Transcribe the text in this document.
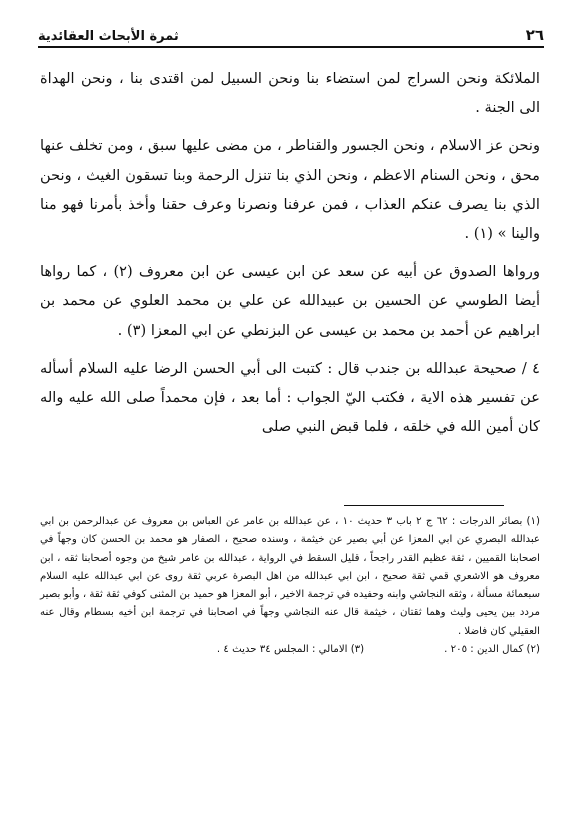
٢٦
ثمرة الأبحاث العقائدية

الملائكة ونحن السراج لمن استضاء بنا ونحن السبيل لمن اقتدى بنا ، ونحن الهداة الى الجنة .

ونحن عز الاسلام ، ونحن الجسور والقناطر ، من مضى عليها سبق ، ومن تخلف عنها محق ، ونحن السنام الاعظم ، ونحن الذي بنا تنزل الرحمة وبنا تسقون الغيث ، ونحن الذي بنا يصرف عنكم العذاب ، فمن عرفنا ونصرنا وعرف حقنا وأخذ بأمرنا فهو منا والينا » (١) .

ورواها الصدوق عن أبيه عن سعد عن ابن عيسى عن ابن معروف (٢) ، كما رواها أيضا الطوسي عن الحسين بن عبيدالله عن علي بن محمد العلوي عن محمد بن ابراهيم عن أحمد بن محمد بن عيسى عن البزنطي عن ابي المعزا (٣) .

٤ / صحيحة عبدالله بن جندب قال : كتبت الى أبي الحسن الرضا عليه السلام أسأله عن تفسير هذه الاية ، فكتب اليّ الجواب : أما بعد ، فإن محمداً صلى الله عليه واله كان أمين الله في خلقه ، فلما قبض النبي صلى

(١) بصائر الدرجات : ٦٢ ج ٢ باب ٣ حديث ١٠ ، عن عبدالله بن عامر عن العباس بن معروف عن عبدالرحمن بن ابي عبدالله البصري عن ابي المعزا عن أبي بصير عن خيثمة ، وسنده صحيح ، الصفار هو محمد بن الحسن كان وجهاً في اصحابنا القميين ، ثقة عظيم القدر راجحاً ، قليل السقط في الرواية ، عبدالله بن عامر شيخ من وجوه أصحابنا ثقه ، ابن معروف هو الاشعري قمي ثقة صحيح ، ابن ابي عبدالله من اهل البصرة عربي ثقة روى عن ابي عبدالله عليه السلام سبعمائة مسألة ، وثقه النجاشي وابنه وحفيده في ترجمة الاخير ، أبو المعزا هو حميد بن المثنى كوفي ثقة ثقة ، وأبو بصير مردد بين يحيى وليث وهما ثقتان ، خيثمة قال عنه النجاشي وجهاً في اصحابنا في ترجمة ابن أخيه بسطام وقال عنه العقيلي كان فاضلا .

(٢) كمال الدين : ٢٠٥ .
(٣) الامالي : المجلس ٣٤ حديث ٤ .
